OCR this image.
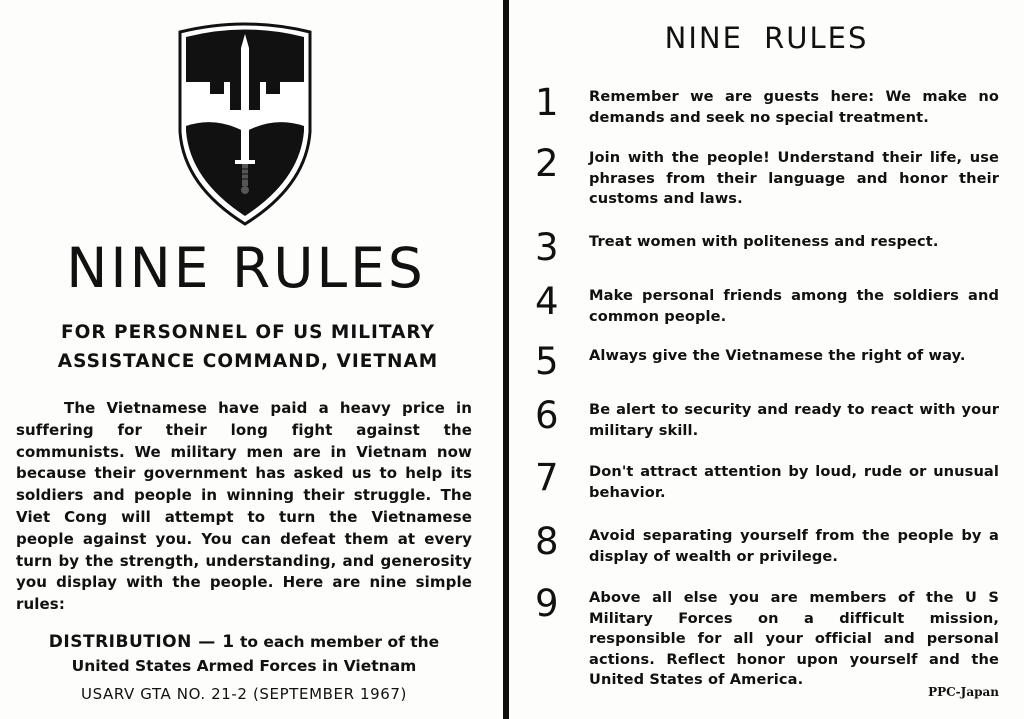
NINE RULES
FOR PERSONNEL OF US MILITARY
ASSISTANCE COMMAND, VIETNAM
The Vietnamese have paid a heavy price in suffering for their long fight against the communists. We military men are in Vietnam now because their government has asked us to help its soldiers and people in winning their struggle. The Viet Cong will attempt to turn the Vietnamese people against you. You can defeat them at every turn by the strength, understanding, and generosity you display with the people. Here are nine simple rules:
DISTRIBUTION — 1 to each member of the
United States Armed Forces in Vietnam
USARV GTA NO. 21-2 (SEPTEMBER 1967)
NINE RULES
1	Remember we are guests here: We make no demands and seek no special treatment.
2	Join with the people! Understand their life, use phrases from their language and honor their customs and laws.
3	Treat women with politeness and respect.
4	Make personal friends among the soldiers and common people.
5	Always give the Vietnamese the right of way.
6	Be alert to security and ready to react with your military skill.
7	Don't attract attention by loud, rude or unusual behavior.
8	Avoid separating yourself from the people by a display of wealth or privilege.
9	Above all else you are members of the U S Military Forces on a difficult mission, responsible for all your official and personal actions. Reflect honor upon yourself and the United States of America.
PPC-Japan
